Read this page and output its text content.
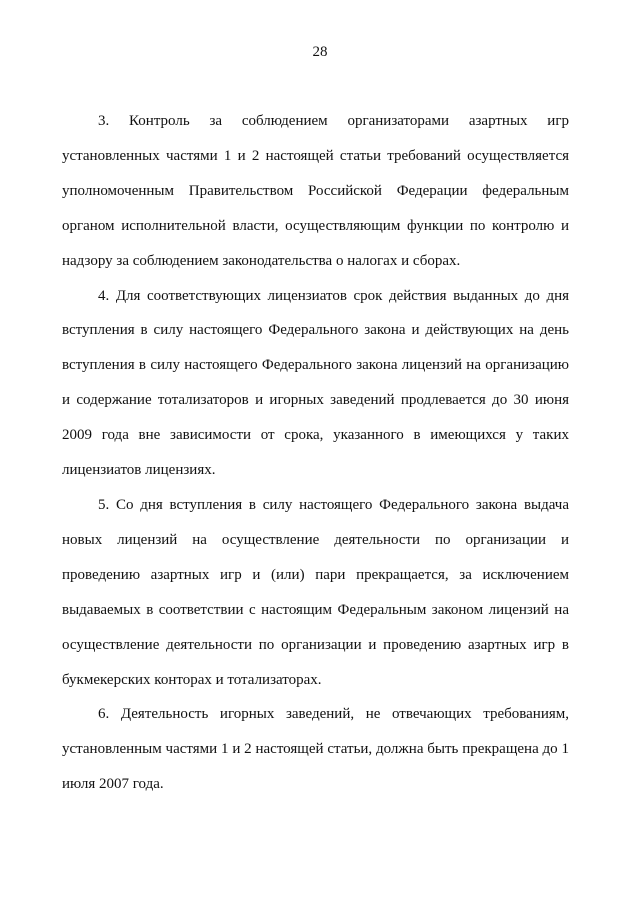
28

3. Контроль за соблюдением организаторами азартных игр установленных частями 1 и 2 настоящей статьи требований осуществляется уполномоченным Правительством Российской Федерации федеральным органом исполнительной власти, осуществляющим функции по контролю и надзору за соблюдением законодательства о налогах и сборах.

4. Для соответствующих лицензиатов срок действия выданных до дня вступления в силу настоящего Федерального закона и действующих на день вступления в силу настоящего Федерального закона лицензий на организацию и содержание тотализаторов и игорных заведений продлевается до 30 июня 2009 года вне зависимости от срока, указанного в имеющихся у таких лицензиатов лицензиях.

5. Со дня вступления в силу настоящего Федерального закона выдача новых лицензий на осуществление деятельности по организации и проведению азартных игр и (или) пари прекращается, за исключением выдаваемых в соответствии с настоящим Федеральным законом лицензий на осуществление деятельности по организации и проведению азартных игр в букмекерских конторах и тотализаторах.

6. Деятельность игорных заведений, не отвечающих требованиям, установленным частями 1 и 2 настоящей статьи, должна быть прекращена до 1 июля 2007 года.
